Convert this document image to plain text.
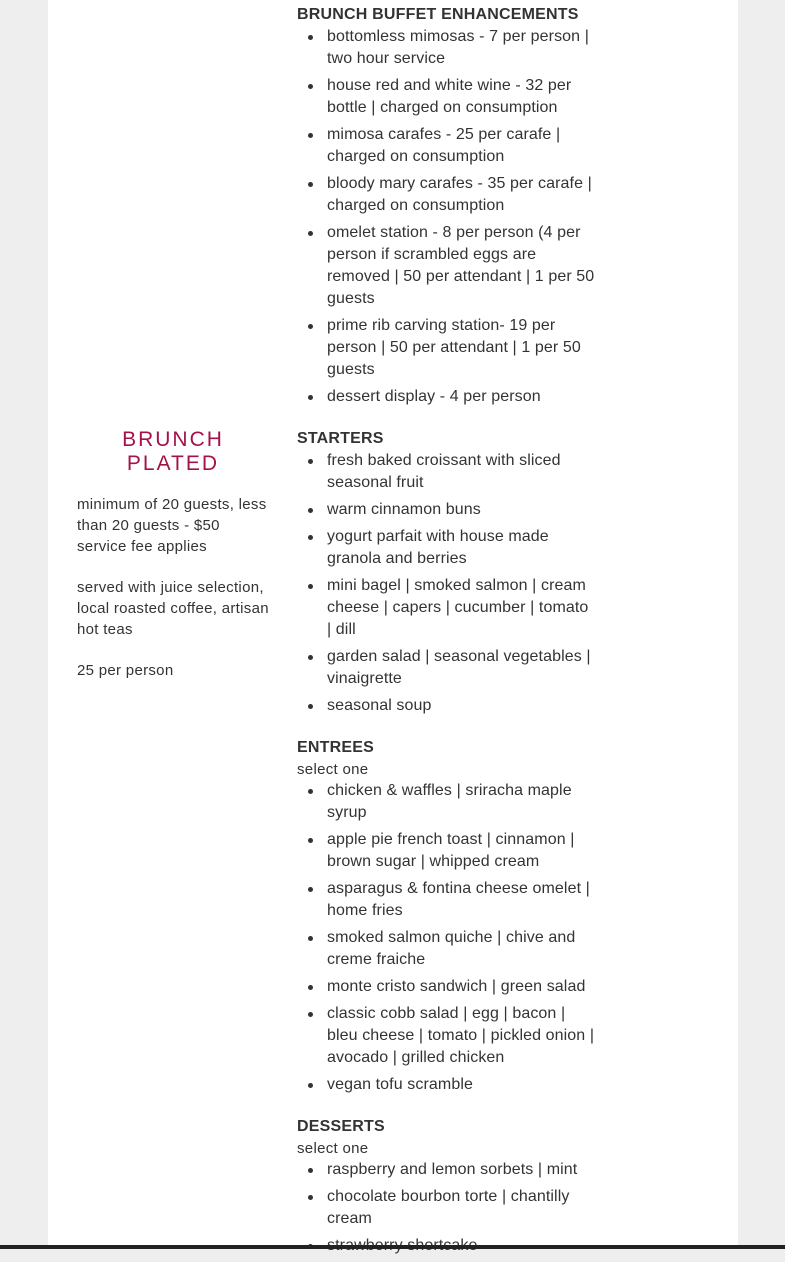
BRUNCH BUFFET ENHANCEMENTS
bottomless mimosas - 7 per person | two hour service
house red and white wine - 32 per bottle | charged on consumption
mimosa carafes - 25 per carafe | charged on consumption
bloody mary carafes - 35 per carafe | charged on consumption
omelet station - 8 per person (4 per person if scrambled eggs are removed | 50 per attendant | 1 per 50 guests
prime rib carving station- 19 per person | 50 per attendant | 1 per 50 guests
dessert display - 4 per person
BRUNCH
PLATED

minimum of 20 guests, less than 20 guests - $50 service fee applies

served with juice selection, local roasted coffee, artisan hot teas

25 per person

STARTERS
fresh baked croissant with sliced seasonal fruit
warm cinnamon buns
yogurt parfait with house made granola and berries
mini bagel | smoked salmon | cream cheese | capers | cucumber | tomato | dill
garden salad | seasonal vegetables | vinaigrette
seasonal soup
ENTREES

select one

chicken & waffles | sriracha maple syrup
apple pie french toast | cinnamon | brown sugar | whipped cream
asparagus & fontina cheese omelet | home fries
smoked salmon quiche | chive and creme fraiche
monte cristo sandwich | green salad
classic cobb salad | egg | bacon | bleu cheese | tomato | pickled onion | avocado | grilled chicken
vegan tofu scramble
DESSERTS

select one

raspberry and lemon sorbets | mint
chocolate bourbon torte | chantilly cream
